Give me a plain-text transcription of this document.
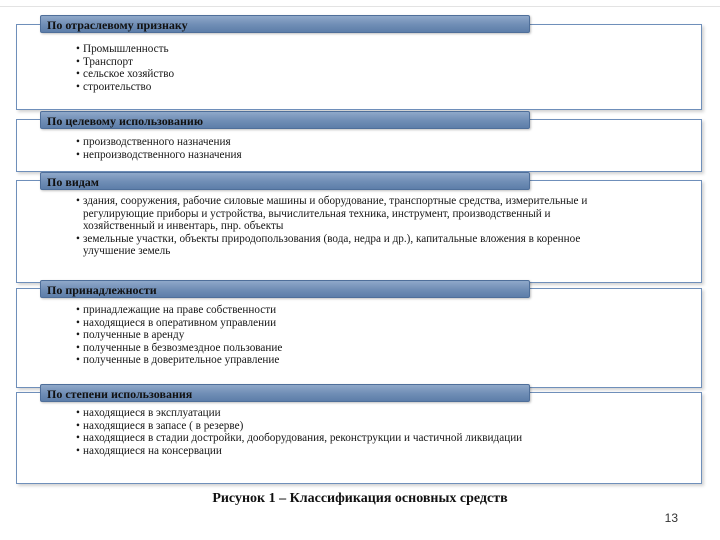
По отраслевому признаку
• Промышленность
• Транспорт
• сельское хозяйство
• строительство
По целевому использованию
• производственного назначения
• непроизводственного назначения
По видам
• здания, сооружения, рабочие силовые машины и оборудование, транспортные средства, измерительные и регулирующие приборы и устройства, вычислительная техника, инструмент, производственный и хозяйственный и инвентарь, пнр. объекты
• земельные участки, объекты природопользования (вода, недра и др.), капитальные вложения в коренное улучшение земель
По принадлежности
• принадлежащие на праве собственности
• находящиеся в оперативном управлении
• полученные в аренду
• полученные в безвозмездное пользование
• полученные в доверительное управление
По степени использования
• находящиеся в эксплуатации
• находящиеся в запасе ( в резерве)
• находящиеся в стадии достройки, дооборудования, реконструкции и частичной ликвидации
• находящиеся на консервации
Рисунок 1 – Классификация основных средств
13
